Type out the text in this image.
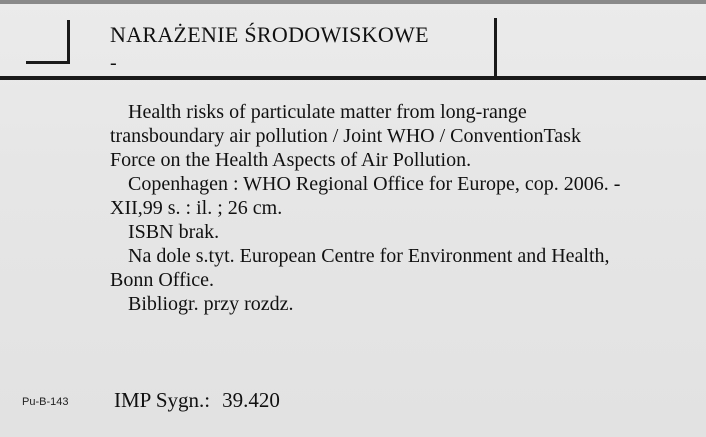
NARAŻENIE ŚRODOWISKOWE
-

Health risks of particulate matter from long-range transboundary air pollution / Joint WHO / ConventionTask Force on the Health Aspects of Air Pollution.

Copenhagen : WHO Regional Office for Europe, cop. 2006. - XII,99 s. : il. ; 26 cm.

ISBN brak.

Na dole s.tyt. European Centre for Environment and Health, Bonn Office.

Bibliogr. przy rozdz.

Pu-B-143 IMP Sygn.: 39.420
